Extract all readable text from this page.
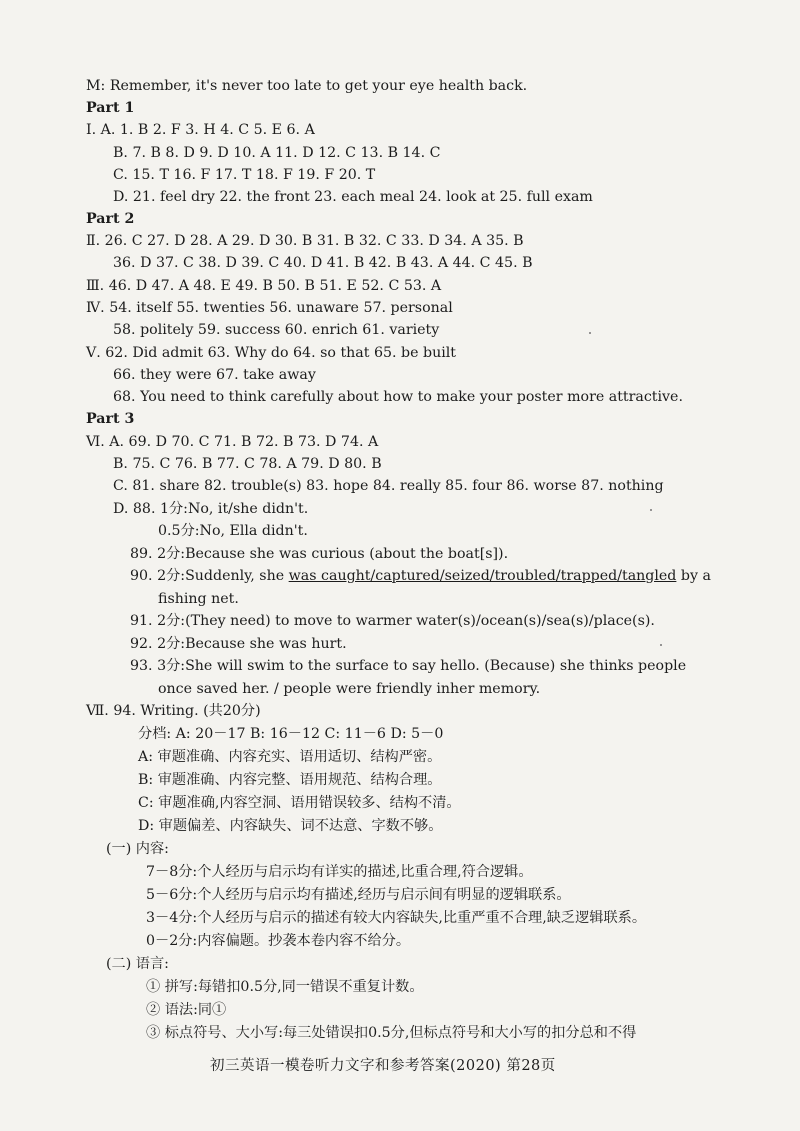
M: Remember, it's never too late to get your eye health back.
Part 1
Ⅰ. A. 1. B 2. F 3. H 4. C 5. E 6. A
B. 7. B 8. D 9. D 10. A 11. D 12. C 13. B 14. C
C. 15. T 16. F 17. T 18. F 19. F 20. T
D. 21. feel dry 22. the front 23. each meal 24. look at 25. full exam
Part 2
Ⅱ. 26. C 27. D 28. A 29. D 30. B 31. B 32. C 33. D 34. A 35. B
36. D 37. C 38. D 39. C 40. D 41. B 42. B 43. A 44. C 45. B
Ⅲ. 46. D 47. A 48. E 49. B 50. B 51. E 52. C 53. A
Ⅳ. 54. itself 55. twenties 56. unaware 57. personal
58. politely 59. success 60. enrich 61. variety
Ⅴ. 62. Did admit 63. Why do 64. so that 65. be built
66. they were 67. take away
68. You need to think carefully about how to make your poster more attractive.
Part 3
Ⅵ. A. 69. D 70. C 71. B 72. B 73. D 74. A
B. 75. C 76. B 77. C 78. A 79. D 80. B
C. 81. share 82. trouble(s) 83. hope 84. really 85. four 86. worse 87. nothing
D. 88. 1分:No, it/she didn't.
0.5分:No, Ella didn't.
89. 2分:Because she was curious (about the boat[s]).
90. 2分:Suddenly, she was caught/captured/seized/troubled/trapped/tangled by a
fishing net.
91. 2分:(They need) to move to warmer water(s)/ocean(s)/sea(s)/place(s).
92. 2分:Because she was hurt.
93. 3分:She will swim to the surface to say hello. (Because) she thinks people
once saved her. / people were friendly inher memory.
Ⅶ. 94. Writing. (共20分)
分档: A: 20－17 B: 16－12 C: 11－6 D: 5－0
A: 审题准确、内容充实、语用适切、结构严密。
B: 审题准确、内容完整、语用规范、结构合理。
C: 审题准确,内容空洞、语用错误较多、结构不清。
D: 审题偏差、内容缺失、词不达意、字数不够。
(一) 内容:
7－8分:个人经历与启示均有详实的描述,比重合理,符合逻辑。
5－6分:个人经历与启示均有描述,经历与启示间有明显的逻辑联系。
3－4分:个人经历与启示的描述有较大内容缺失,比重严重不合理,缺乏逻辑联系。
0－2分:内容偏题。抄袭本卷内容不给分。
(二) 语言:
① 拼写:每错扣0.5分,同一错误不重复计数。
② 语法:同①
③ 标点符号、大小写:每三处错误扣0.5分,但标点符号和大小写的扣分总和不得
初三英语一模卷听力文字和参考答案(2020) 第28页
